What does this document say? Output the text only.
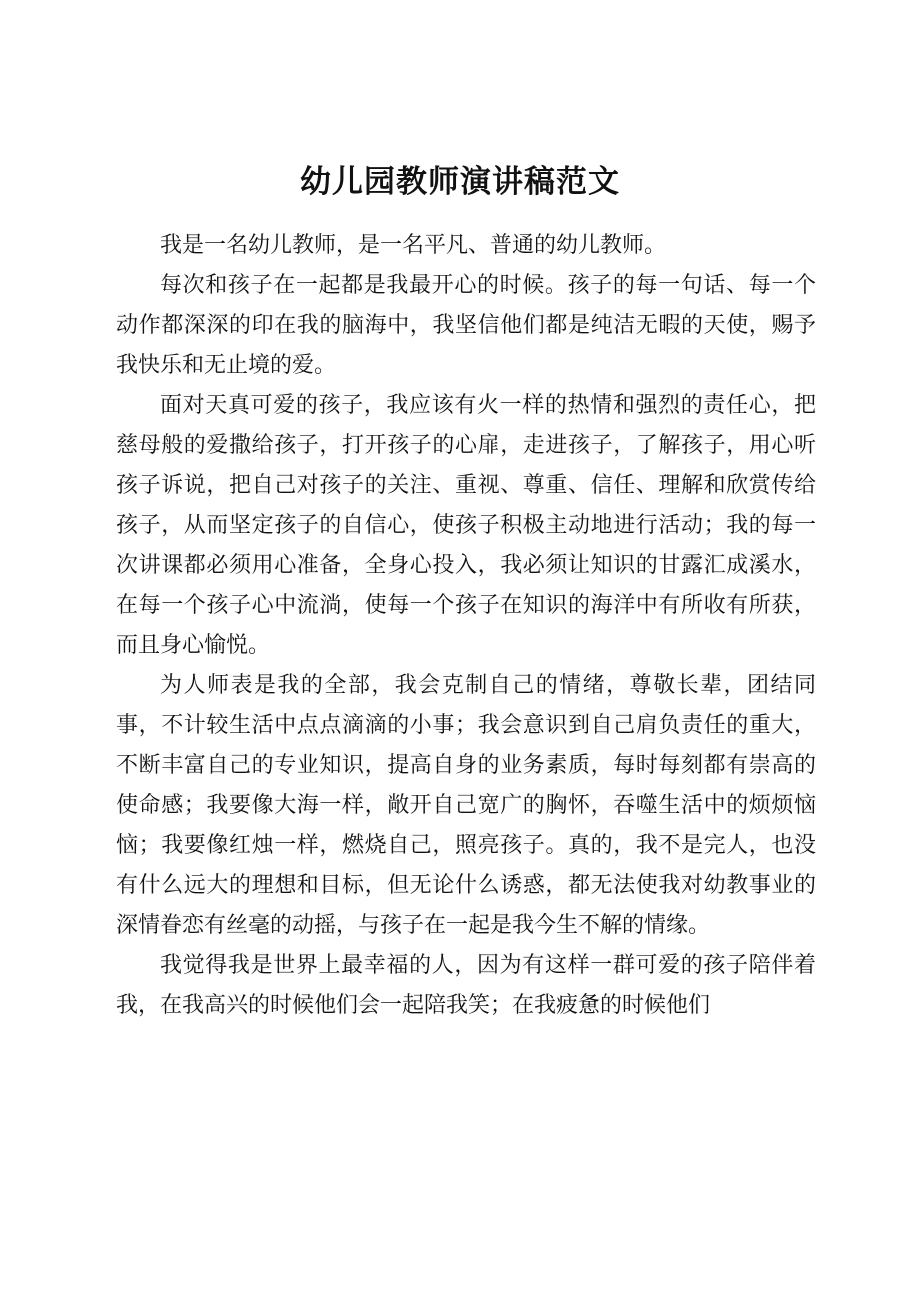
幼儿园教师演讲稿范文

我是一名幼儿教师，是一名平凡、普通的幼儿教师。

每次和孩子在一起都是我最开心的时候。孩子的每一句话、每一个动作都深深的印在我的脑海中，我坚信他们都是纯洁无暇的天使，赐予我快乐和无止境的爱。

面对天真可爱的孩子，我应该有火一样的热情和强烈的责任心，把慈母般的爱撒给孩子，打开孩子的心扉，走进孩子，了解孩子，用心听孩子诉说，把自己对孩子的关注、重视、尊重、信任、理解和欣赏传给孩子，从而坚定孩子的自信心，使孩子积极主动地进行活动；我的每一次讲课都必须用心准备，全身心投入，我必须让知识的甘露汇成溪水，在每一个孩子心中流淌，使每一个孩子在知识的海洋中有所收有所获，而且身心愉悦。

为人师表是我的全部，我会克制自己的情绪，尊敬长辈，团结同事，不计较生活中点点滴滴的小事；我会意识到自己肩负责任的重大，不断丰富自己的专业知识，提高自身的业务素质，每时每刻都有崇高的使命感；我要像大海一样，敞开自己宽广的胸怀，吞噬生活中的烦烦恼恼；我要像红烛一样，燃烧自己，照亮孩子。真的，我不是完人，也没有什么远大的理想和目标，但无论什么诱惑，都无法使我对幼教事业的深情眷恋有丝毫的动摇，与孩子在一起是我今生不解的情缘。

我觉得我是世界上最幸福的人，因为有这样一群可爱的孩子陪伴着我，在我高兴的时候他们会一起陪我笑；在我疲惫的时候他们
